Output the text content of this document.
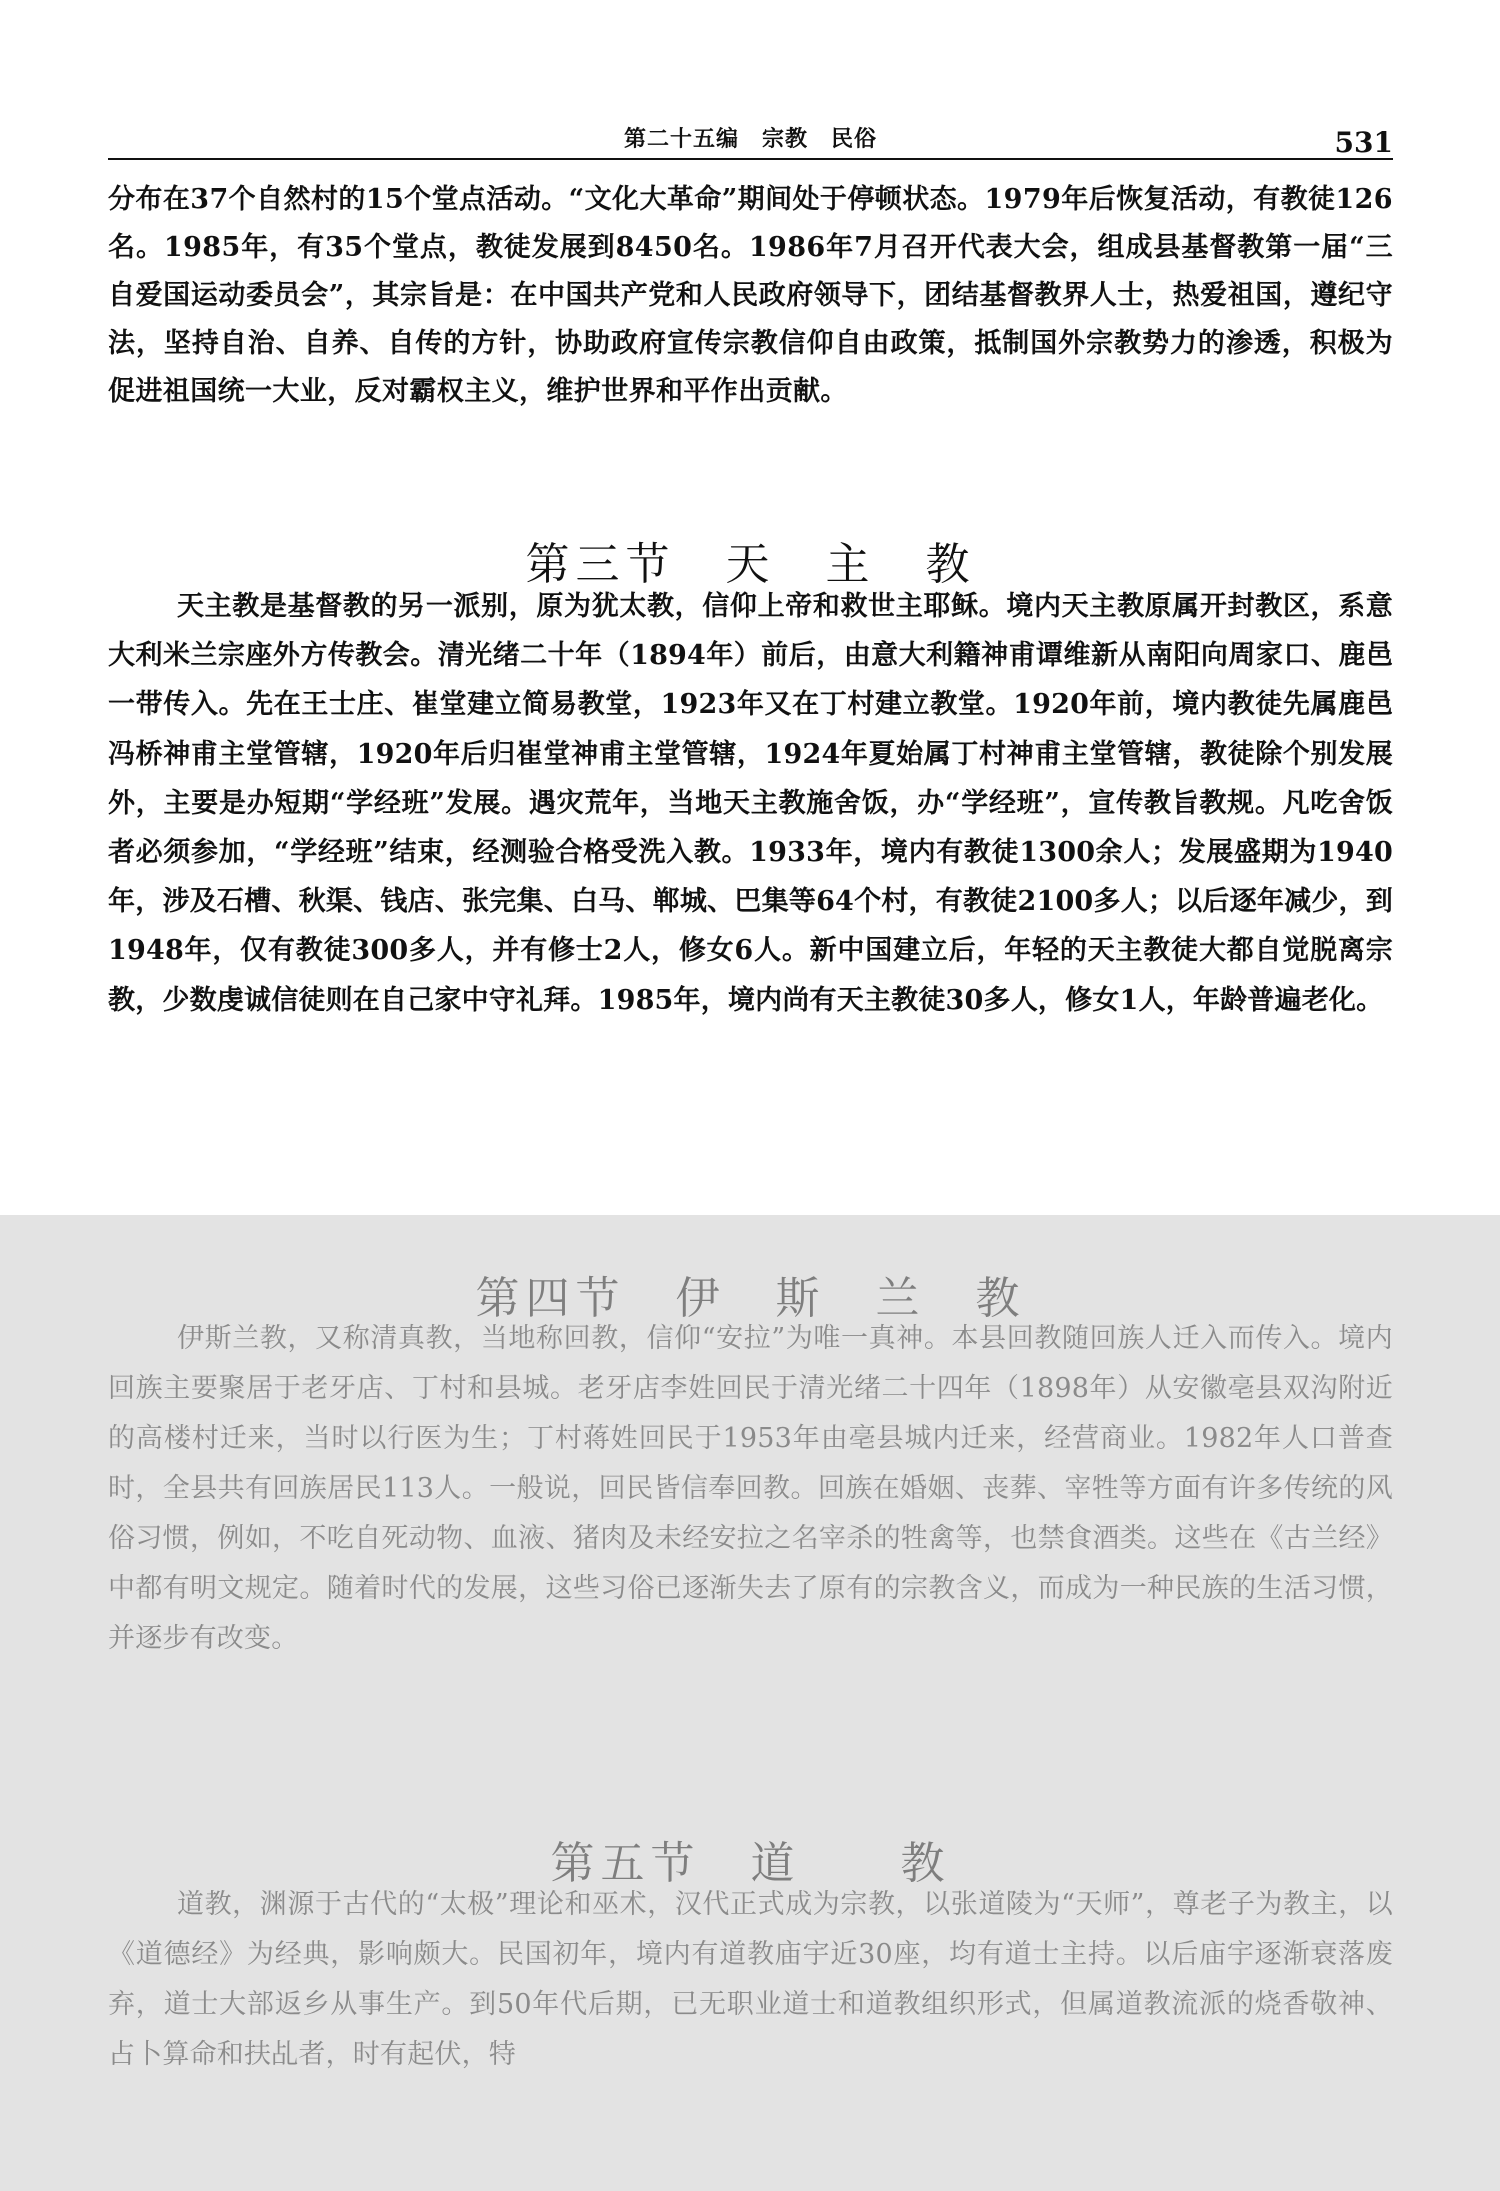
第二十五编　宗教　民俗	531

分布在37个自然村的15个堂点活动。“文化大革命”期间处于停顿状态。1979年后恢复活动，有教徒126名。1985年，有35个堂点，教徒发展到8450名。1986年7月召开代表大会，组成县基督教第一届“三自爱国运动委员会”，其宗旨是：在中国共产党和人民政府领导下，团结基督教界人士，热爱祖国，遵纪守法，坚持自治、自养、自传的方针，协助政府宣传宗教信仰自由政策，抵制国外宗教势力的渗透，积极为促进祖国统一大业，反对霸权主义，维护世界和平作出贡献。

第三节　天　主　教

天主教是基督教的另一派别，原为犹太教，信仰上帝和救世主耶稣。境内天主教原属开封教区，系意大利米兰宗座外方传教会。清光绪二十年（1894年）前后，由意大利籍神甫谭维新从南阳向周家口、鹿邑一带传入。先在王士庄、崔堂建立简易教堂，1923年又在丁村建立教堂。1920年前，境内教徒先属鹿邑冯桥神甫主堂管辖，1920年后归崔堂神甫主堂管辖，1924年夏始属丁村神甫主堂管辖，教徒除个别发展外，主要是办短期“学经班”发展。遇灾荒年，当地天主教施舍饭，办“学经班”，宣传教旨教规。凡吃舍饭者必须参加，“学经班”结束，经测验合格受洗入教。1933年，境内有教徒1300余人；发展盛期为1940年，涉及石槽、秋渠、钱店、张完集、白马、郸城、巴集等64个村，有教徒2100多人；以后逐年减少，到1948年，仅有教徒300多人，并有修士2人，修女6人。新中国建立后，年轻的天主教徒大都自觉脱离宗教，少数虔诚信徒则在自己家中守礼拜。1985年，境内尚有天主教徒30多人，修女1人，年龄普遍老化。

第四节　伊　斯　兰　教

伊斯兰教，又称清真教，当地称回教，信仰“安拉”为唯一真神。本县回教随回族人迁入而传入。境内回族主要聚居于老牙店、丁村和县城。老牙店李姓回民于清光绪二十四年（1898年）从安徽亳县双沟附近的高楼村迁来，当时以行医为生；丁村蒋姓回民于1953年由亳县城内迁来，经营商业。1982年人口普查时，全县共有回族居民113人。一般说，回民皆信奉回教。回族在婚姻、丧葬、宰牲等方面有许多传统的风俗习惯，例如，不吃自死动物、血液、猪肉及未经安拉之名宰杀的牲禽等，也禁食酒类。这些在《古兰经》中都有明文规定。随着时代的发展，这些习俗已逐渐失去了原有的宗教含义，而成为一种民族的生活习惯，并逐步有改变。

第五节　道　　教

道教，渊源于古代的“太极”理论和巫术，汉代正式成为宗教，以张道陵为“天师”，尊老子为教主，以《道德经》为经典，影响颇大。民国初年，境内有道教庙宇近30座，均有道士主持。以后庙宇逐渐衰落废弃，道士大部返乡从事生产。到50年代后期，已无职业道士和道教组织形式，但属道教流派的烧香敬神、占卜算命和扶乩者，时有起伏，特
